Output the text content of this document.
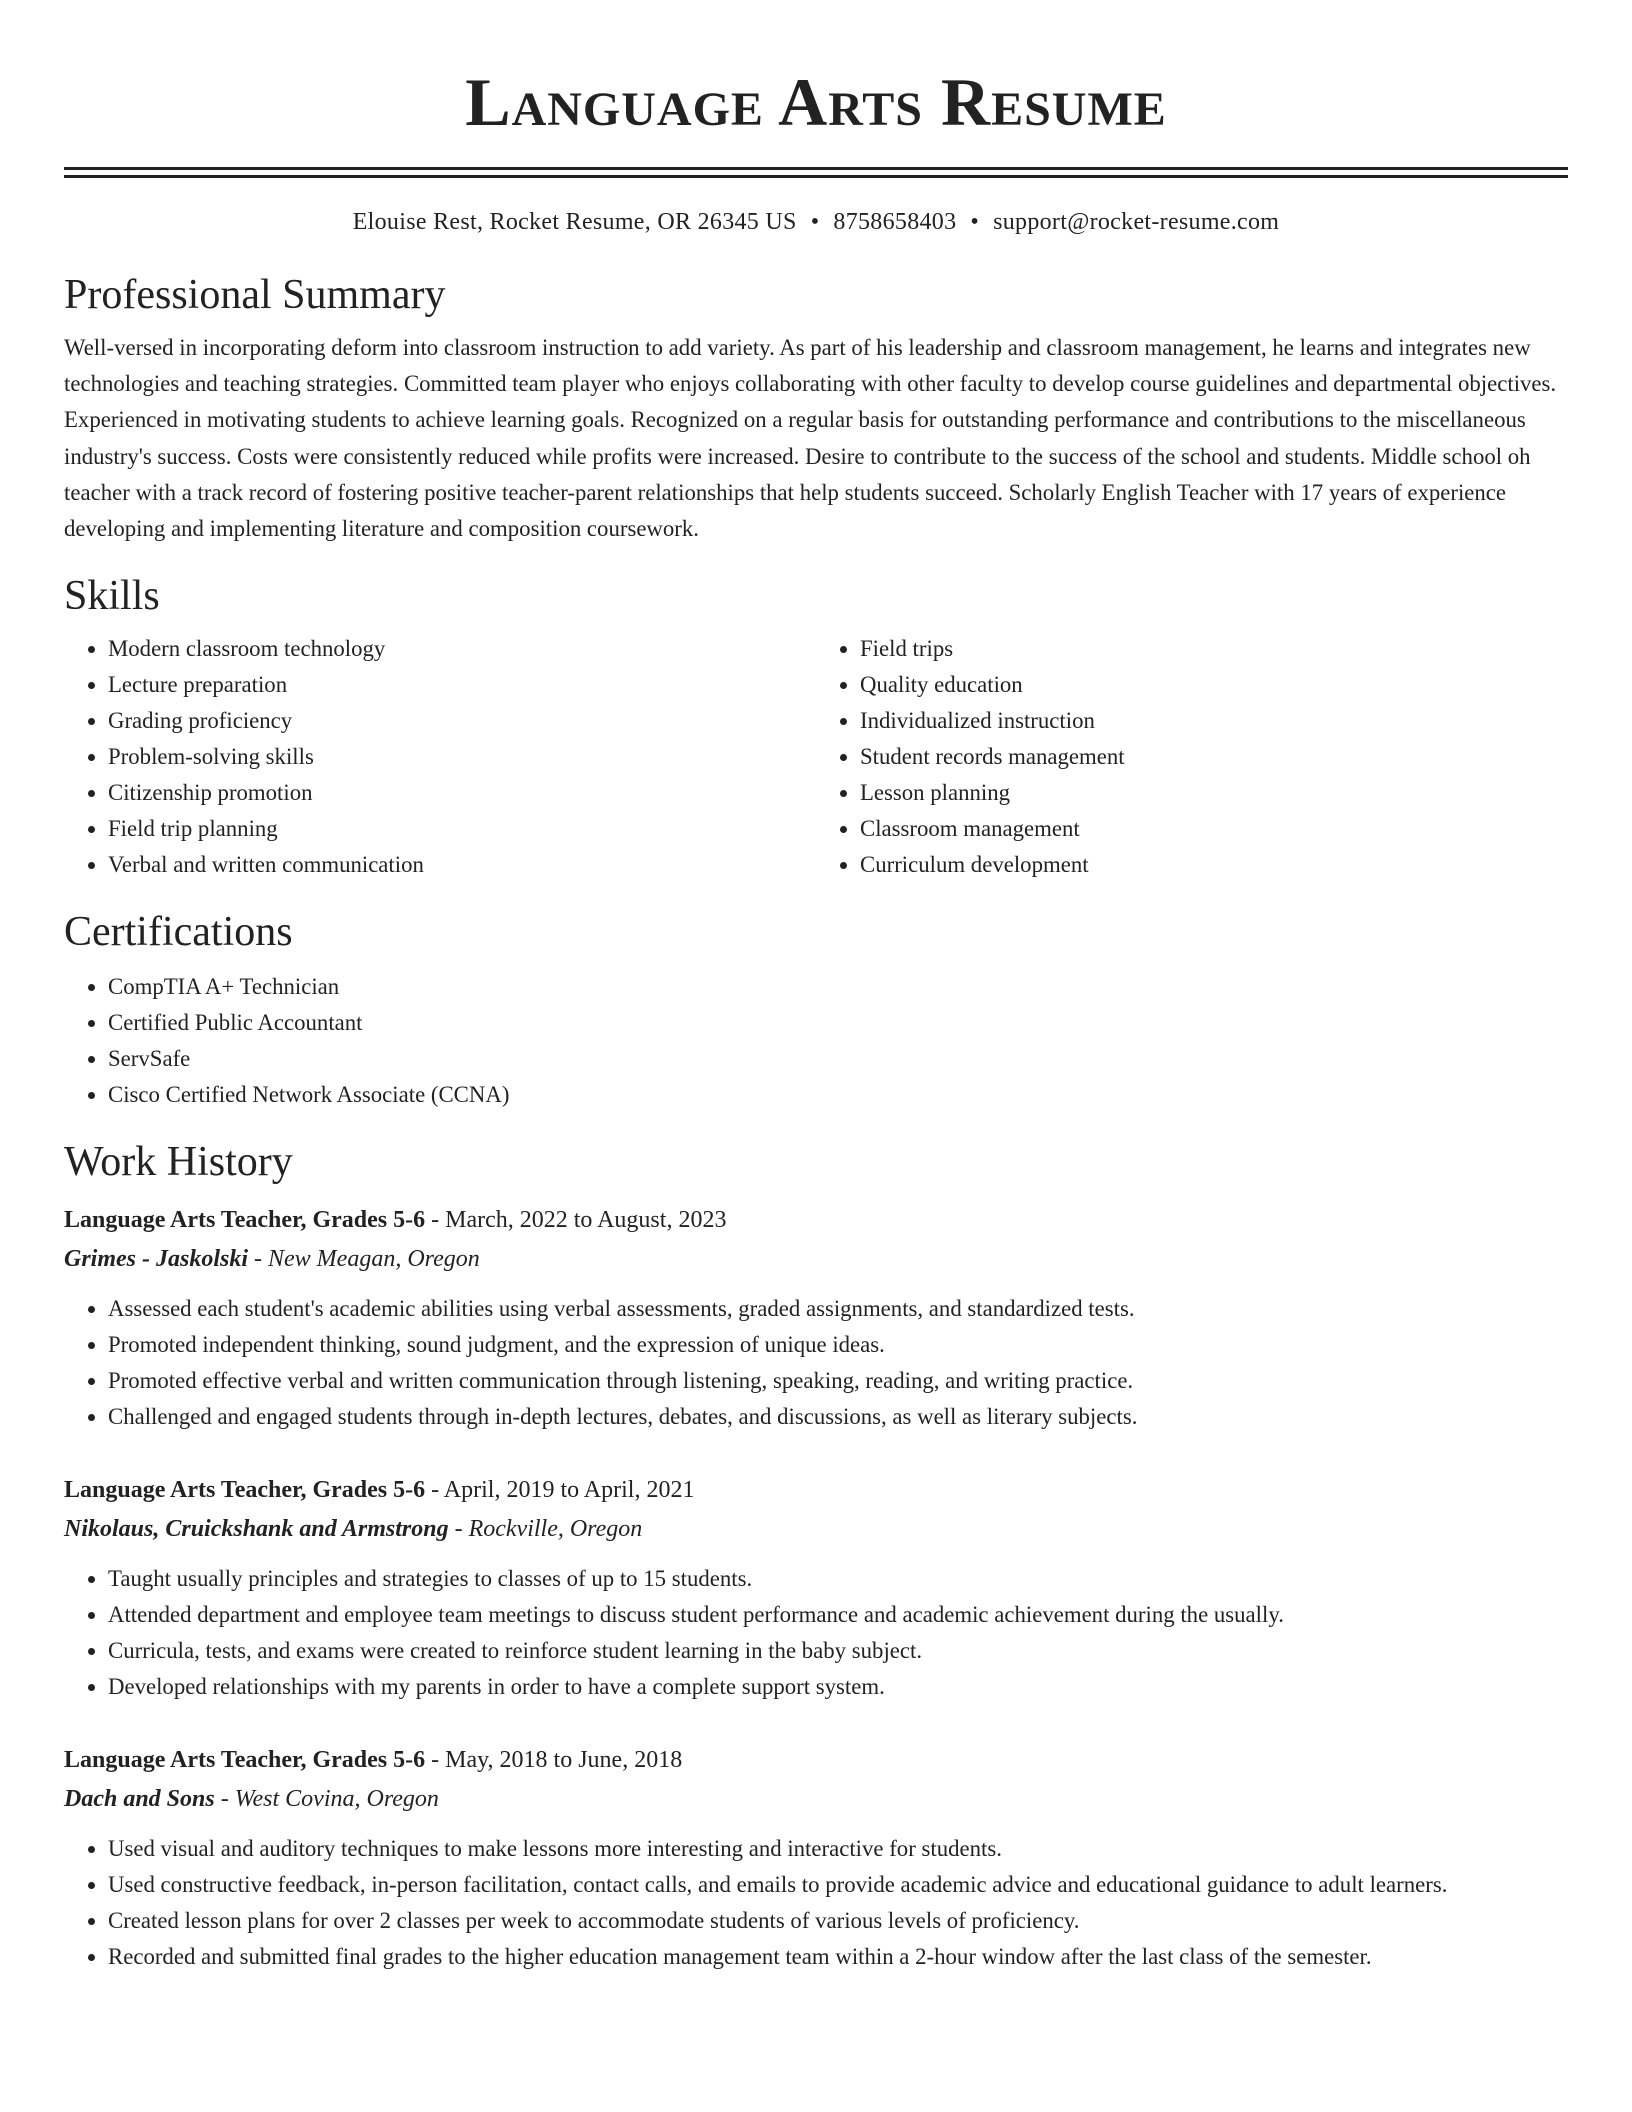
Language Arts Resume
Elouise Rest, Rocket Resume, OR 26345 US • 8758658403 • support@rocket-resume.com
Professional Summary

Well-versed in incorporating deform into classroom instruction to add variety. As part of his leadership and classroom management, he learns and integrates new technologies and teaching strategies. Committed team player who enjoys collaborating with other faculty to develop course guidelines and departmental objectives. Experienced in motivating students to achieve learning goals. Recognized on a regular basis for outstanding performance and contributions to the miscellaneous industry's success. Costs were consistently reduced while profits were increased. Desire to contribute to the success of the school and students. Middle school oh teacher with a track record of fostering positive teacher-parent relationships that help students succeed. Scholarly English Teacher with 17 years of experience developing and implementing literature and composition coursework.

Skills
• Modern classroom technology
• Lecture preparation
• Grading proficiency
• Problem-solving skills
• Citizenship promotion
• Field trip planning
• Verbal and written communication
• Field trips
• Quality education
• Individualized instruction
• Student records management
• Lesson planning
• Classroom management
• Curriculum development
Certifications
• CompTIA A+ Technician
• Certified Public Accountant
• ServSafe
• Cisco Certified Network Associate (CCNA)
Work History
Language Arts Teacher, Grades 5-6 - March, 2022 to August, 2023
Grimes - Jaskolski - New Meagan, Oregon
• Assessed each student's academic abilities using verbal assessments, graded assignments, and standardized tests.
• Promoted independent thinking, sound judgment, and the expression of unique ideas.
• Promoted effective verbal and written communication through listening, speaking, reading, and writing practice.
• Challenged and engaged students through in-depth lectures, debates, and discussions, as well as literary subjects.
Language Arts Teacher, Grades 5-6 - April, 2019 to April, 2021
Nikolaus, Cruickshank and Armstrong - Rockville, Oregon
• Taught usually principles and strategies to classes of up to 15 students.
• Attended department and employee team meetings to discuss student performance and academic achievement during the usually.
• Curricula, tests, and exams were created to reinforce student learning in the baby subject.
• Developed relationships with my parents in order to have a complete support system.
Language Arts Teacher, Grades 5-6 - May, 2018 to June, 2018
Dach and Sons - West Covina, Oregon
• Used visual and auditory techniques to make lessons more interesting and interactive for students.
• Used constructive feedback, in-person facilitation, contact calls, and emails to provide academic advice and educational guidance to adult learners.
• Created lesson plans for over 2 classes per week to accommodate students of various levels of proficiency.
• Recorded and submitted final grades to the higher education management team within a 2-hour window after the last class of the semester.
